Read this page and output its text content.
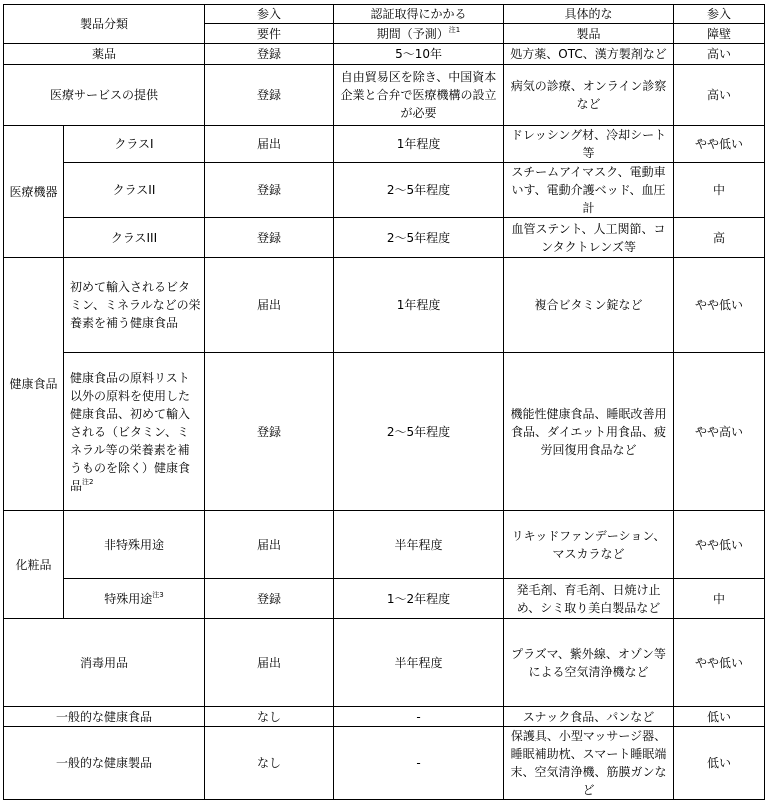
製品分類		参入	認証取得にかかる	具体的な	参入
		要件	期間（予測）$^{注1}$	製品	障壁
薬品		登録	5～10年	処方薬、OTC、漢方製剤など	高い
医療サービスの提供		登録	自由貿易区を除き、中国資本企業と合弁で医療機構の設立が必要	病気の診療、オンライン診察など	高い
医療機器	クラスI	届出	1年程度	ドレッシング材、冷却シート等	やや低い
	クラスII	登録	2～5年程度	スチームアイマスク、電動車いす、電動介護ベッド、血圧計	中
	クラスIII	登録	2～5年程度	血管ステント、人工関節、コンタクトレンズ等	高
健康食品	初めて輸入されるビタミン、ミネラルなどの栄養素を補う健康食品	届出	1年程度	複合ビタミン錠など	やや低い
	健康食品の原料リスト以外の原料を使用した健康食品、初めて輸入される（ビタミン、ミネラル等の栄養素を補うものを除く）健康食品$^{注2}$	登録	2～5年程度	機能性健康食品、睡眠改善用食品、ダイエット用食品、疲労回復用食品など	やや高い
化粧品	非特殊用途	届出	半年程度	リキッドファンデーション、マスカラなど	やや低い
	特殊用途$^{注3}$	登録	1～2年程度	発毛剤、育毛剤、日焼け止め、シミ取り美白製品など	中
消毒用品		届出	半年程度	プラズマ、紫外線、オゾン等による空気清浄機など	やや低い
一般的な健康食品		なし	-	スナック食品、パンなど	低い
一般的な健康製品		なし	-	保護具、小型マッサージ器、睡眠補助枕、スマート睡眠端末、空気清浄機、筋膜ガンなど	低い
